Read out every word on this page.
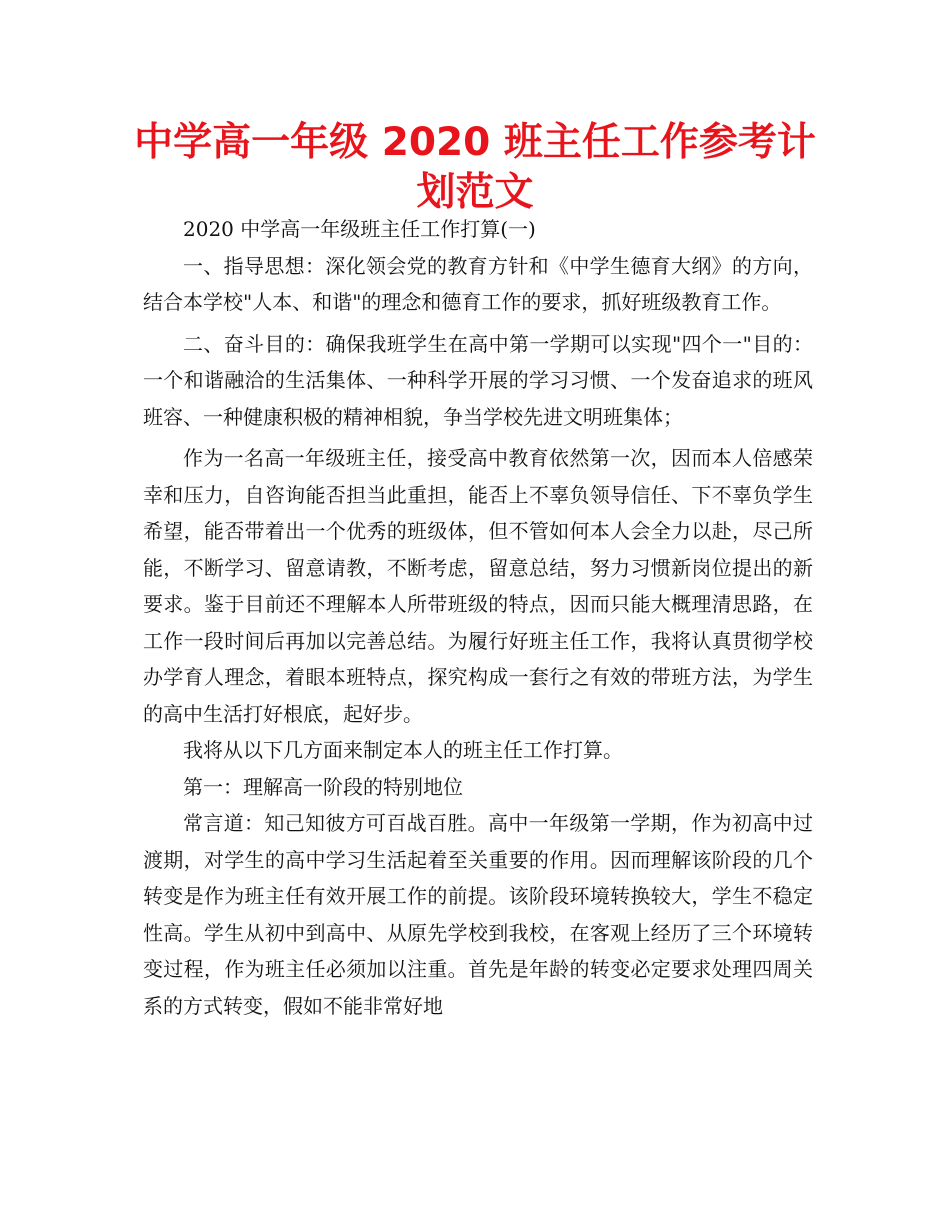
中学高一年级 2020 班主任工作参考计划范文

2020 中学高一年级班主任工作打算(一)

一、指导思想：深化领会党的教育方针和《中学生德育大纲》的方向，结合本学校"人本、和谐"的理念和德育工作的要求，抓好班级教育工作。

二、奋斗目的：确保我班学生在高中第一学期可以实现"四个一"目的：一个和谐融洽的生活集体、一种科学开展的学习习惯、一个发奋追求的班风班容、一种健康积极的精神相貌，争当学校先进文明班集体；

作为一名高一年级班主任，接受高中教育依然第一次，因而本人倍感荣幸和压力，自咨询能否担当此重担，能否上不辜负领导信任、下不辜负学生希望，能否带着出一个优秀的班级体，但不管如何本人会全力以赴，尽己所能，不断学习、留意请教，不断考虑，留意总结，努力习惯新岗位提出的新要求。鉴于目前还不理解本人所带班级的特点，因而只能大概理清思路，在工作一段时间后再加以完善总结。为履行好班主任工作，我将认真贯彻学校办学育人理念，着眼本班特点，探究构成一套行之有效的带班方法，为学生的高中生活打好根底，起好步。

我将从以下几方面来制定本人的班主任工作打算。

第一：理解高一阶段的特别地位

常言道：知己知彼方可百战百胜。高中一年级第一学期，作为初高中过渡期，对学生的高中学习生活起着至关重要的作用。因而理解该阶段的几个转变是作为班主任有效开展工作的前提。该阶段环境转换较大，学生不稳定性高。学生从初中到高中、从原先学校到我校，在客观上经历了三个环境转变过程，作为班主任必须加以注重。首先是年龄的转变必定要求处理四周关系的方式转变，假如不能非常好地
